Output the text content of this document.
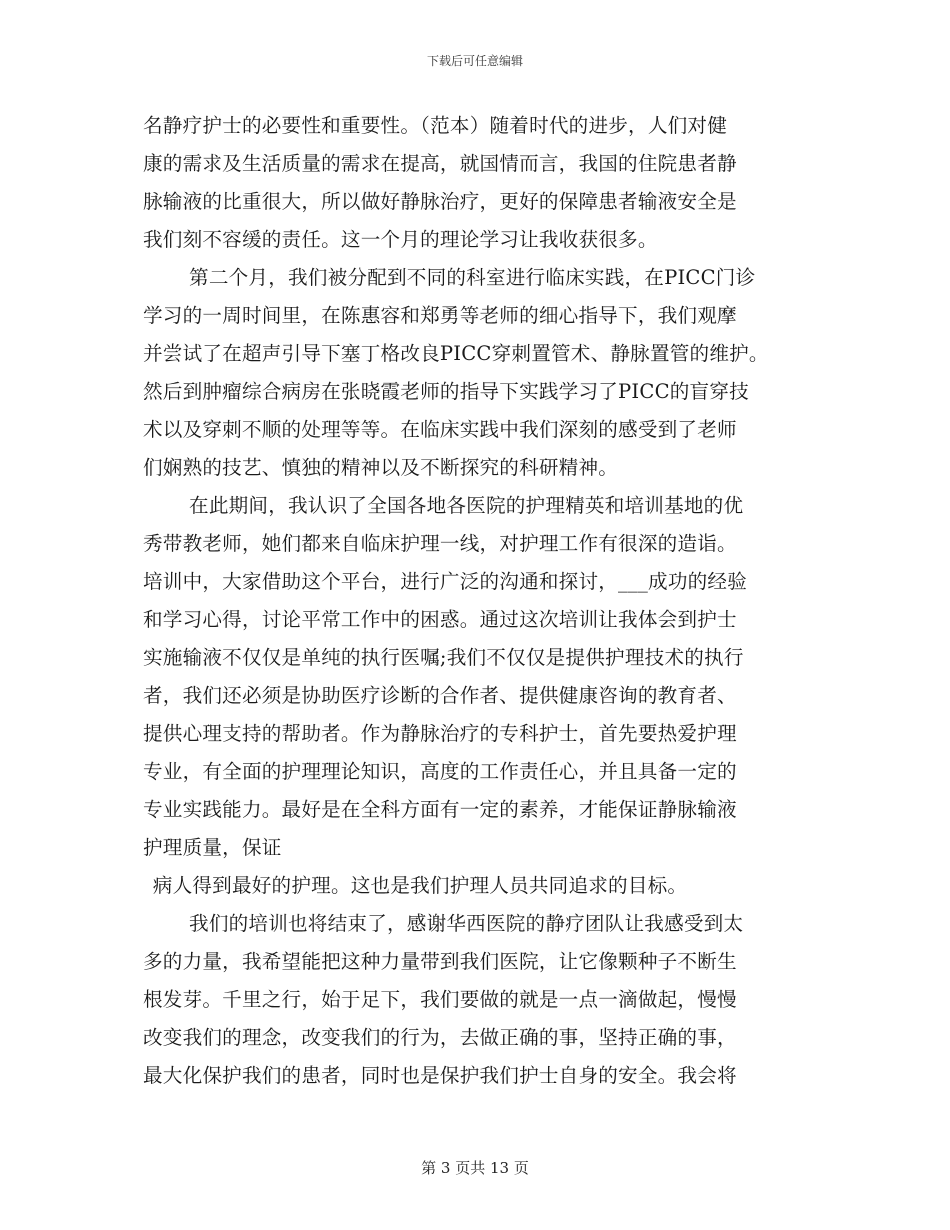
下载后可任意编辑
名静疗护士的必要性和重要性。（范本）随着时代的进步，人们对健
康的需求及生活质量的需求在提高，就国情而言，我国的住院患者静
脉输液的比重很大，所以做好静脉治疗，更好的保障患者输液安全是
我们刻不容缓的责任。这一个月的理论学习让我收获很多。
第二个月，我们被分配到不同的科室进行临床实践，在PICC门诊
学习的一周时间里，在陈惠容和郑勇等老师的细心指导下，我们观摩
并尝试了在超声引导下塞丁格改良PICC穿刺置管术、静脉置管的维护。
然后到肿瘤综合病房在张晓霞老师的指导下实践学习了PICC的盲穿技
术以及穿刺不顺的处理等等。在临床实践中我们深刻的感受到了老师
们娴熟的技艺、慎独的精神以及不断探究的科研精神。
在此期间，我认识了全国各地各医院的护理精英和培训基地的优
秀带教老师，她们都来自临床护理一线，对护理工作有很深的造诣。
培训中，大家借助这个平台，进行广泛的沟通和探讨，___成功的经验
和学习心得，讨论平常工作中的困惑。通过这次培训让我体会到护士
实施输液不仅仅是单纯的执行医嘱;我们不仅仅是提供护理技术的执行
者，我们还必须是协助医疗诊断的合作者、提供健康咨询的教育者、
提供心理支持的帮助者。作为静脉治疗的专科护士，首先要热爱护理
专业，有全面的护理理论知识，高度的工作责任心，并且具备一定的
专业实践能力。最好是在全科方面有一定的素养，才能保证静脉输液
护理质量，保证
病人得到最好的护理。这也是我们护理人员共同追求的目标。
我们的培训也将结束了，感谢华西医院的静疗团队让我感受到太
多的力量，我希望能把这种力量带到我们医院，让它像颗种子不断生
根发芽。千里之行，始于足下，我们要做的就是一点一滴做起，慢慢
改变我们的理念，改变我们的行为，去做正确的事，坚持正确的事，
最大化保护我们的患者，同时也是保护我们护士自身的安全。我会将
第 3 页共 13 页
